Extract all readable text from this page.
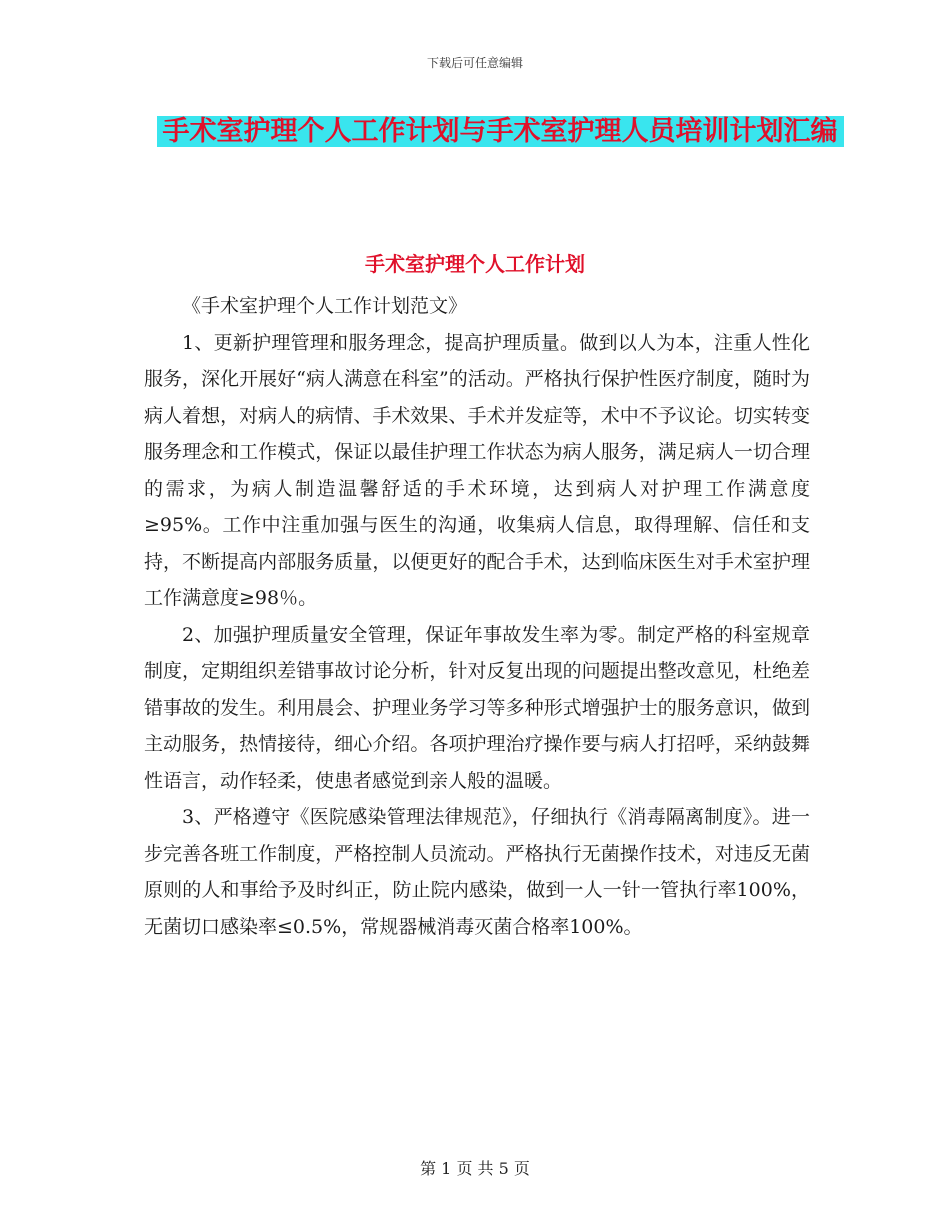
下载后可任意编辑
手术室护理个人工作计划与手术室护理人员培训计划汇编
手术室护理个人工作计划

《手术室护理个人工作计划范文》

1、更新护理管理和服务理念，提高护理质量。做到以人为本，注重人性化服务，深化开展好“病人满意在科室”的活动。严格执行保护性医疗制度，随时为病人着想，对病人的病情、手术效果、手术并发症等，术中不予议论。切实转变服务理念和工作模式，保证以最佳护理工作状态为病人服务，满足病人一切合理的需求，为病人制造温馨舒适的手术环境，达到病人对护理工作满意度≥95%。工作中注重加强与医生的沟通，收集病人信息，取得理解、信任和支持，不断提高内部服务质量，以便更好的配合手术，达到临床医生对手术室护理工作满意度≥98％。

2、加强护理质量安全管理，保证年事故发生率为零。制定严格的科室规章制度，定期组织差错事故讨论分析，针对反复出现的问题提出整改意见，杜绝差错事故的发生。利用晨会、护理业务学习等多种形式增强护士的服务意识，做到主动服务，热情接待，细心介绍。各项护理治疗操作要与病人打招呼，采纳鼓舞性语言，动作轻柔，使患者感觉到亲人般的温暖。

3、严格遵守《医院感染管理法律规范》，仔细执行《消毒隔离制度》。进一步完善各班工作制度，严格控制人员流动。严格执行无菌操作技术，对违反无菌原则的人和事给予及时纠正，防止院内感染，做到一人一针一管执行率100%，无菌切口感染率≤0.5%，常规器械消毒灭菌合格率100%。

第 1 页 共 5 页
